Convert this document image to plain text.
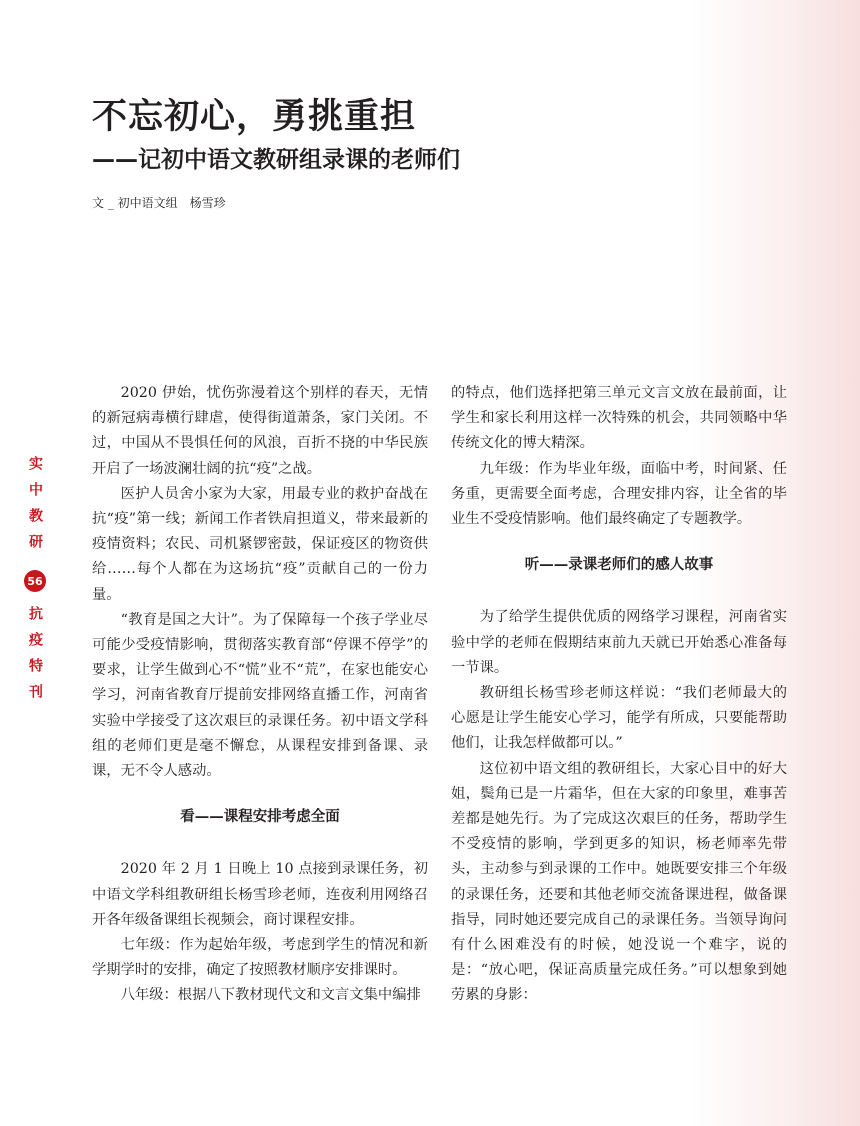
不忘初心，勇挑重担
——记初中语文教研组录课的老师们
文 _ 初中语文组　杨雪珍
实中教研
56
抗疫特刊

2020 伊始，忧伤弥漫着这个别样的春天，无情的新冠病毒横行肆虐，使得街道萧条，家门关闭。不过，中国从不畏惧任何的风浪，百折不挠的中华民族开启了一场波澜壮阔的抗“疫”之战。

医护人员舍小家为大家，用最专业的救护奋战在抗“疫”第一线；新闻工作者铁肩担道义，带来最新的疫情资料；农民、司机紧锣密鼓，保证疫区的物资供给……每个人都在为这场抗“疫”贡献自己的一份力量。

“教育是国之大计”。为了保障每一个孩子学业尽可能少受疫情影响，贯彻落实教育部“停课不停学”的要求，让学生做到心不“慌”业不“荒”，在家也能安心学习，河南省教育厅提前安排网络直播工作，河南省实验中学接受了这次艰巨的录课任务。初中语文学科组的老师们更是毫不懈怠，从课程安排到备课、录课，无不令人感动。

看——课程安排考虑全面

2020 年 2 月 1 日晚上 10 点接到录课任务，初中语文学科组教研组长杨雪珍老师，连夜利用网络召开各年级备课组长视频会，商讨课程安排。

七年级：作为起始年级，考虑到学生的情况和新学期学时的安排，确定了按照教材顺序安排课时。

八年级：根据八下教材现代文和文言文集中编排

的特点，他们选择把第三单元文言文放在最前面，让学生和家长利用这样一次特殊的机会，共同领略中华传统文化的博大精深。

九年级：作为毕业年级，面临中考，时间紧、任务重，更需要全面考虑，合理安排内容，让全省的毕业生不受疫情影响。他们最终确定了专题教学。

听——录课老师们的感人故事

为了给学生提供优质的网络学习课程，河南省实验中学的老师在假期结束前九天就已开始悉心准备每一节课。

教研组长杨雪珍老师这样说：“我们老师最大的心愿是让学生能安心学习，能学有所成，只要能帮助他们，让我怎样做都可以。”

这位初中语文组的教研组长，大家心目中的好大姐，鬓角已是一片霜华，但在大家的印象里，难事苦差都是她先行。为了完成这次艰巨的任务，帮助学生不受疫情的影响，学到更多的知识，杨老师率先带头，主动参与到录课的工作中。她既要安排三个年级的录课任务，还要和其他老师交流备课进程，做备课指导，同时她还要完成自己的录课任务。当领导询问有什么困难没有的时候，她没说一个难字，说的是：“放心吧，保证高质量完成任务。”可以想象到她劳累的身影：
